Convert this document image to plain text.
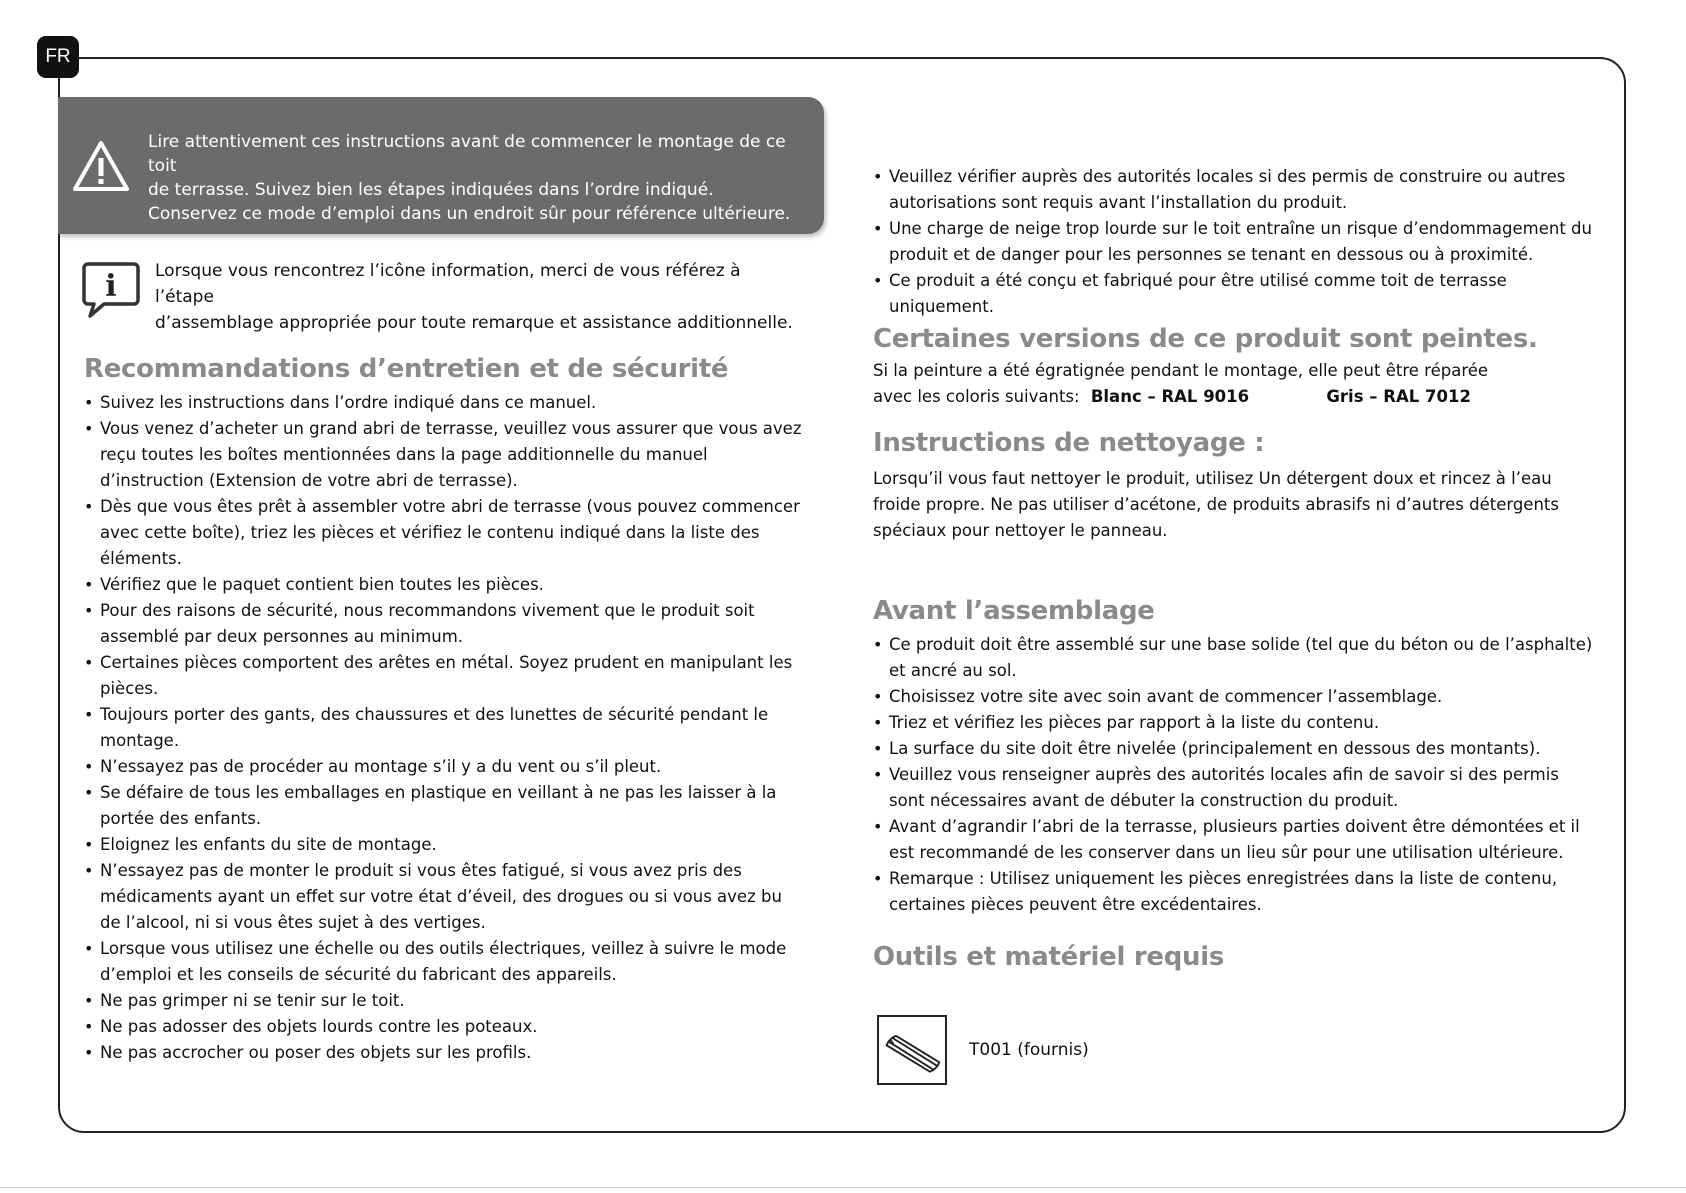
FR

Lire attentivement ces instructions avant de commencer le montage de ce toit
de terrasse. Suivez bien les étapes indiquées dans l’ordre indiqué.
Conservez ce mode d’emploi dans un endroit sûr pour référence ultérieure.

i Lorsque vous rencontrez l’icône information, merci de vous référez à l’étape
d’assemblage appropriée pour toute remarque et assistance additionnelle.

Recommandations d’entretien et de sécurité
• Suivez les instructions dans l’ordre indiqué dans ce manuel.
• Vous venez d’acheter un grand abri de terrasse, veuillez vous assurer que vous avez reçu toutes les boîtes mentionnées dans la page additionnelle du manuel d’instruction (Extension de votre abri de terrasse).
• Dès que vous êtes prêt à assembler votre abri de terrasse (vous pouvez commencer avec cette boîte), triez les pièces et vérifiez le contenu indiqué dans la liste des éléments.
• Vérifiez que le paquet contient bien toutes les pièces.
• Pour des raisons de sécurité, nous recommandons vivement que le produit soit assemblé par deux personnes au minimum.
• Certaines pièces comportent des arêtes en métal. Soyez prudent en manipulant les pièces.
• Toujours porter des gants, des chaussures et des lunettes de sécurité pendant le montage.
• N’essayez pas de procéder au montage s’il y a du vent ou s’il pleut.
• Se défaire de tous les emballages en plastique en veillant à ne pas les laisser à la portée des enfants.
• Eloignez les enfants du site de montage.
• N’essayez pas de monter le produit si vous êtes fatigué, si vous avez pris des médicaments ayant un effet sur votre état d’éveil, des drogues ou si vous avez bu de l’alcool, ni si vous êtes sujet à des vertiges.
• Lorsque vous utilisez une échelle ou des outils électriques, veillez à suivre le mode d’emploi et les conseils de sécurité du fabricant des appareils.
• Ne pas grimper ni se tenir sur le toit.
• Ne pas adosser des objets lourds contre les poteaux.
• Ne pas accrocher ou poser des objets sur les profils.
• Veuillez vérifier auprès des autorités locales si des permis de construire ou autres autorisations sont requis avant l’installation du produit.
• Une charge de neige trop lourde sur le toit entraîne un risque d’endommagement du produit et de danger pour les personnes se tenant en dessous ou à proximité.
• Ce produit a été conçu et fabriqué pour être utilisé comme toit de terrasse uniquement.
Certaines versions de ce produit sont peintes.

Si la peinture a été égratignée pendant le montage, elle peut être réparée
avec les coloris suivants: Blanc – RAL 9016	Gris – RAL 7012

Instructions de nettoyage :

Lorsqu’il vous faut nettoyer le produit, utilisez Un détergent doux et rincez à l’eau froide propre. Ne pas utiliser d’acétone, de produits abrasifs ni d’autres détergents spéciaux pour nettoyer le panneau.

Avant l’assemblage
• Ce produit doit être assemblé sur une base solide (tel que du béton ou de l’asphalte) et ancré au sol.
• Choisissez votre site avec soin avant de commencer l’assemblage.
• Triez et vérifiez les pièces par rapport à la liste du contenu.
• La surface du site doit être nivelée (principalement en dessous des montants).
• Veuillez vous renseigner auprès des autorités locales afin de savoir si des permis sont nécessaires avant de débuter la construction du produit.
• Avant d’agrandir l’abri de la terrasse, plusieurs parties doivent être démontées et il est recommandé de les conserver dans un lieu sûr pour une utilisation ultérieure.
• Remarque : Utilisez uniquement les pièces enregistrées dans la liste de contenu, certaines pièces peuvent être excédentaires.
Outils et matériel requis
T001 (fournis)
